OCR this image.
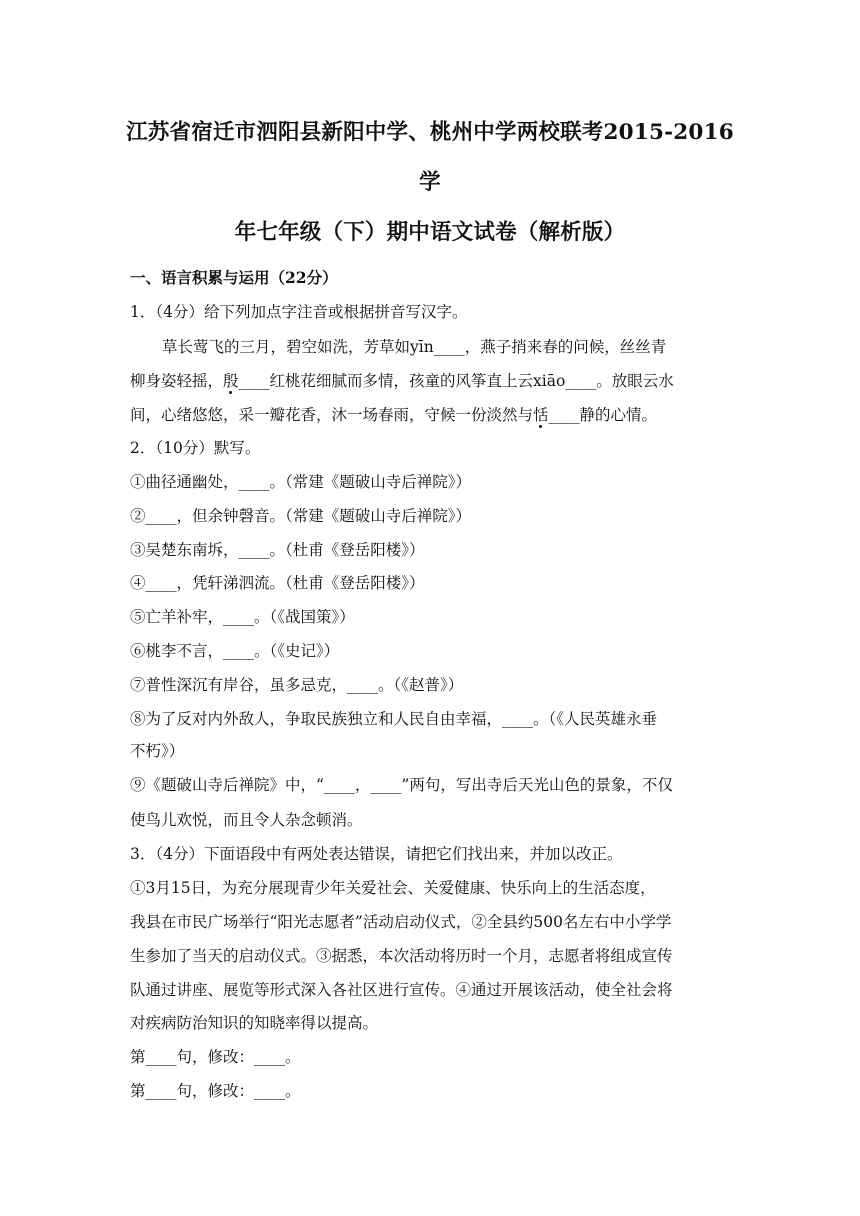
江苏省宿迁市泗阳县新阳中学、桃州中学两校联考2015-2016学
年七年级（下）期中语文试卷（解析版）
一、语言积累与运用（22分）
1．（4分）给下列加点字注音或根据拼音写汉字。
草长莺飞的三月，碧空如洗，芳草如yīn____，燕子捎来春的问候，丝丝青
柳身姿轻摇，殷____红桃花细腻而多情，孩童的风筝直上云xiāo____。放眼云水
间，心绪悠悠，采一瓣花香，沐一场春雨，守候一份淡然与恬____静的心情。
2．（10分）默写。
①曲径通幽处，____。（常建《题破山寺后禅院》）
②____，但余钟磬音。（常建《题破山寺后禅院》）
③吴楚东南坼，____。（杜甫《登岳阳楼》）
④____，凭轩涕泗流。（杜甫《登岳阳楼》）
⑤亡羊补牢，____。（《战国策》）
⑥桃李不言，____。（《史记》）
⑦普性深沉有岸谷，虽多忌克，____。（《赵普》）
⑧为了反对内外敌人，争取民族独立和人民自由幸福，____。（《人民英雄永垂
不朽》）
⑨《题破山寺后禅院》中，“____，____”两句，写出寺后天光山色的景象，不仅
使鸟儿欢悦，而且令人杂念顿消。
3．（4分）下面语段中有两处表达错误，请把它们找出来，并加以改正。
①3月15日，为充分展现青少年关爱社会、关爱健康、快乐向上的生活态度，
我县在市民广场举行“阳光志愿者”活动启动仪式，②全县约500名左右中小学学
生参加了当天的启动仪式。③据悉，本次活动将历时一个月，志愿者将组成宣传
队通过讲座、展览等形式深入各社区进行宣传。④通过开展该活动，使全社会将
对疾病防治知识的知晓率得以提高。
第____句，修改：____。
第____句，修改：____。
